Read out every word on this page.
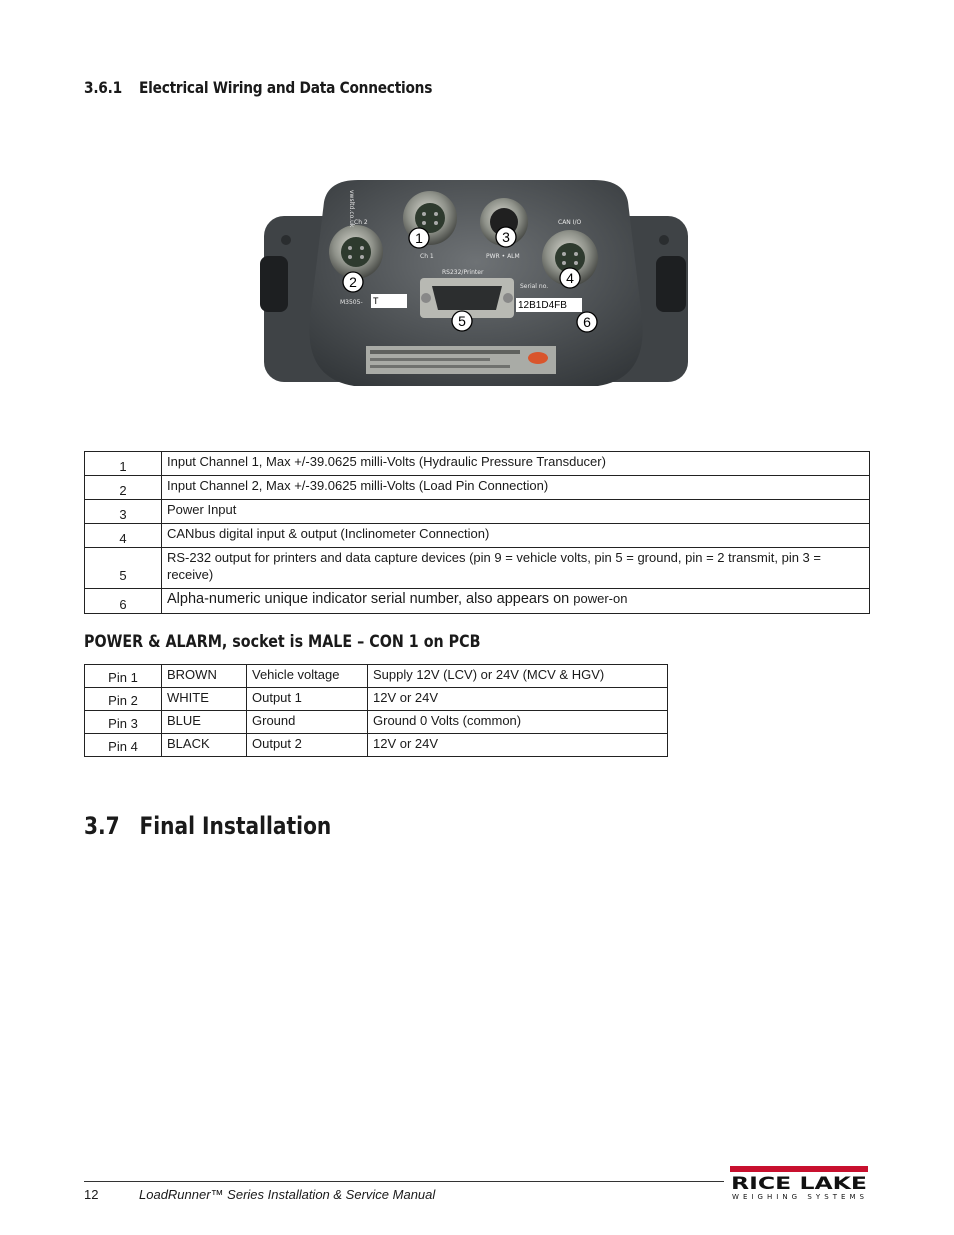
3.6.1 Electrical Wiring and Data Connections
vwsltd.co.uk
Ch 1
Ch 2
RS232/Printer
PWR • ALM
CAN I/O
Serial no.
M3505- T	12B1D4FB
1
2
3
4
5	6
1	Input Channel 1, Max +/-39.0625 milli-Volts (Hydraulic Pressure Transducer)
2	Input Channel 2, Max +/-39.0625 milli-Volts (Load Pin Connection)
3	Power Input
4	CANbus digital input & output (Inclinometer Connection)
5	RS-232 output for printers and data capture devices (pin 9 = vehicle volts, pin 5 = ground, pin = 2 transmit, pin 3 = receive)
6	Alpha-numeric unique indicator serial number, also appears on power-on
POWER & ALARM, socket is MALE – CON 1 on PCB
Pin 1	BROWN	Vehicle voltage	Supply 12V (LCV) or 24V (MCV & HGV)
Pin 2	WHITE	Output 1	12V or 24V
Pin 3	BLUE	Ground	Ground 0 Volts (common)
Pin 4	BLACK	Output 2	12V or 24V
3.7 Final Installation
12	LoadRunner™ Series Installation & Service Manual
RICE LAKE
WEIGHING SYSTEMS
